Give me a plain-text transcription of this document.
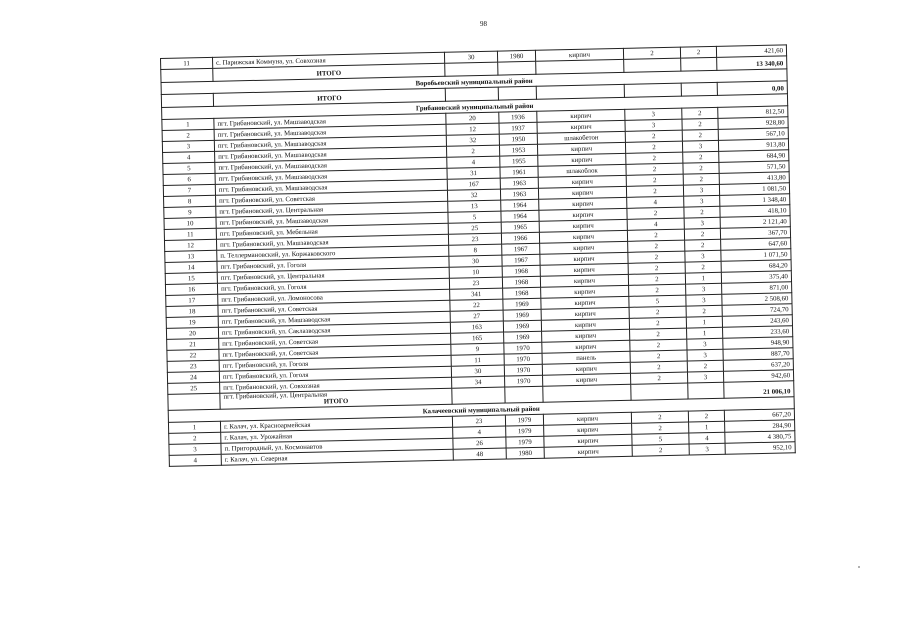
98
11	с. Парижская Коммуна, ул. Совхозная	30	1980	кирпич	2	2	421,60
	ИТОГО						13 340,60
Воробьевский муниципальный район							
	ИТОГО						0,00
Грибановский муниципальный район							
1	пгт. Грибановский, ул. Машзаводская	20	1936	кирпич	3	2	812,50
2	пгт. Грибановский, ул. Машзаводская	12	1937	кирпич	3	2	928,80
3	пгт. Грибановский, ул. Машзаводская	32	1950	шлакобетон	2	2	567,10
4	пгт. Грибановский, ул. Машзаводская	2	1953	кирпич	2	3	913,80
5	пгт. Грибановский, ул. Машзаводская	4	1955	кирпич	2	2	684,90
6	пгт. Грибановский, ул. Машзаводская	31	1961	шлакоблок	2	2	571,50
7	пгт. Грибановский, ул. Машзаводская	167	1963	кирпич	2	2	413,80
8	пгт. Грибановский, ул. Советская	32	1963	кирпич	2	3	1 081,50
9	пгт. Грибановский, ул. Центральная	13	1964	кирпич	4	3	1 348,40
10	пгт. Грибановский, ул. Машзаводская	5	1964	кирпич	2	2	418,10
11	пгт. Грибановский, ул. Мебельная	25	1965	кирпич	4	3	2 121,40
12	пгт. Грибановский, ул. Машзаводская	23	1966	кирпич	2	2	367,70
13	п. Теллермановский, ул. Коржаковского	8	1967	кирпич	2	2	647,60
14	пгт. Грибановский, ул. Гоголя	30	1967	кирпич	2	3	1 071,50
15	пгт. Грибановский, ул. Центральная	10	1968	кирпич	2	2	684,20
16	пгт. Грибановский, ул. Гоголя	23	1968	кирпич	2	1	375,40
17	пгт. Грибановский, ул. Ломоносова	341	1968	кирпич	2	3	871,00
18	пгт. Грибановский, ул. Советская	22	1969	кирпич	5	3	2 508,60
19	пгт. Грибановский, ул. Машзаводская	27	1969	кирпич	2	2	724,70
20	пгт. Грибановский, ул. Саклазводская	163	1969	кирпич	2	1	243,60
21	пгт. Грибановский, ул. Советская	165	1969	кирпич	2	1	233,60
22	пгт. Грибановский, ул. Советская	9	1970	кирпич	2	3	948,90
23	пгт. Грибановский, ул. Гоголя	11	1970	панель	2	3	887,70
24	пгт. Грибановский, ул. Гоголя	30	1970	кирпич	2	2	637,20
25	пгт. Грибановский, ул. Совхозная	34	1970	кирпич	2	3	942,60

	пгт. Грибановский, ул. Центральная
ИТОГО						21 006,10
Калачеевский муниципальный район							
1	г. Калач, ул. Красноармейская	23	1979	кирпич	2	2	667,20
2	г. Калач, ул. Урожайная	4	1979	кирпич	2	1	284,90
3	п. Пригородный, ул. Космонавтов	26	1979	кирпич	5	4	4 380,75
4	г. Калач, ул. Северная	48	1980	кирпич	2	3	952,10
